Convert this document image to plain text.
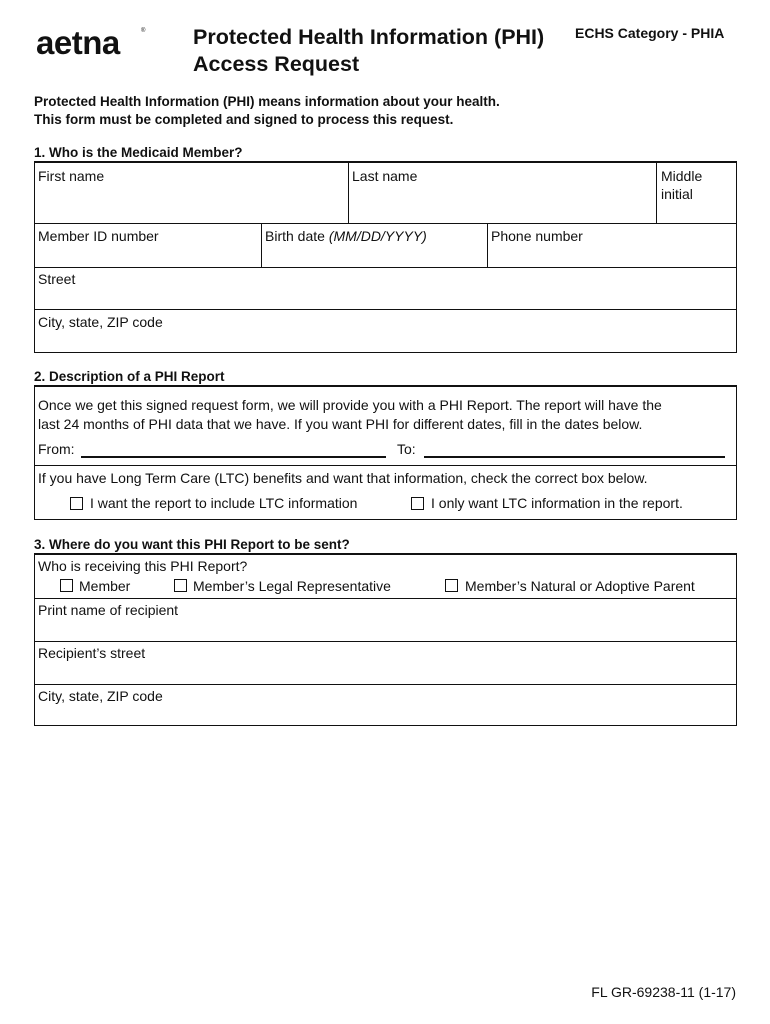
aetna	® Protected Health Information (PHI)
Access Request
ECHS Category - PHIA
Protected Health Information (PHI) means information about your health.
This form must be completed and signed to process this request.
1. Who is the Medicaid Member?
First name	Last name	Middle
initial
Member ID number	Birth date (MM/DD/YYYY)	Phone number
Street
City, state, ZIP code
2. Description of a PHI Report
Once we get this signed request form, we will provide you with a PHI Report. The report will have the
last 24 months of PHI data that we have. If you want PHI for different dates, fill in the dates below.
From:	To:
If you have Long Term Care (LTC) benefits and want that information, check the correct box below.
I want the report to include LTC information	I only want LTC information in the report.
3. Where do you want this PHI Report to be sent?
Who is receiving this PHI Report?
Member	Member’s Legal Representative	Member’s Natural or Adoptive Parent
Print name of recipient
Recipient’s street
City, state, ZIP code
FL GR-69238-11 (1-17)
